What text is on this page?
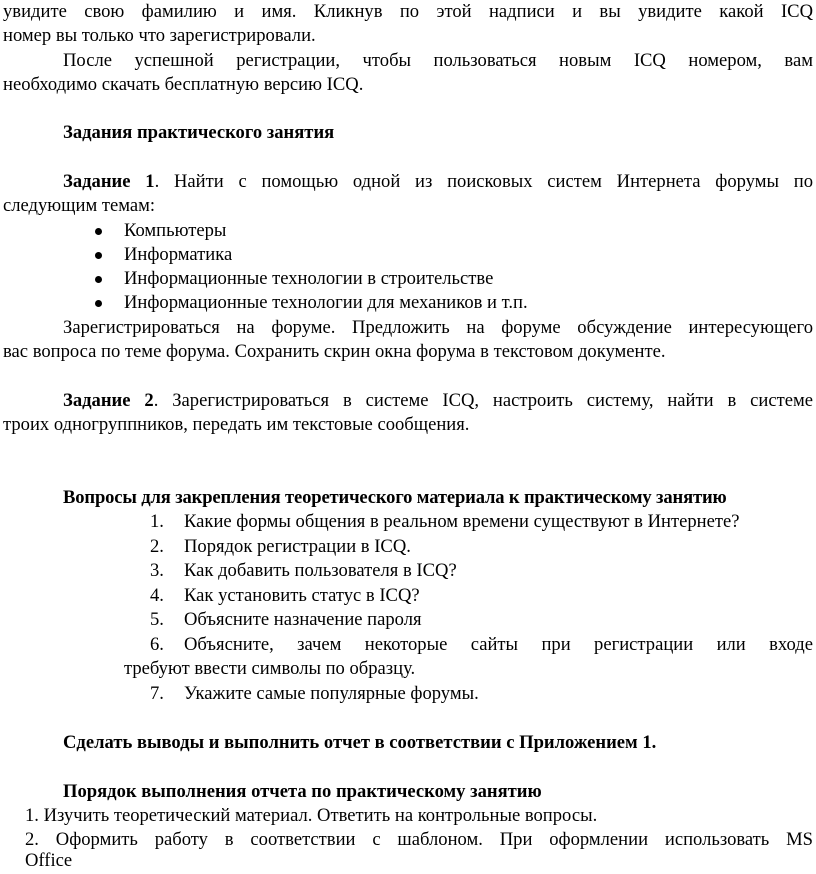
увидите свою фамилию и имя. Кликнув по этой надписи и вы увидите какой ICQ
номер вы только что зарегистрировали.
После успешной регистрации, чтобы пользоваться новым ICQ номером, вам
необходимо скачать бесплатную версию ICQ.
Задания практического занятия
Задание 1. Найти с помощью одной из поисковых систем Интернета форумы по
следующим темам:
Компьютеры
Информатика
Информационные технологии в строительстве
Информационные технологии для механиков и т.п.
Зарегистрироваться на форуме. Предложить на форуме обсуждение интересующего
вас вопроса по теме форума. Сохранить скрин окна форума в текстовом документе.
Задание 2. Зарегистрироваться в системе ICQ, настроить систему, найти в системе
троих одногруппников, передать им текстовые сообщения.
Вопросы для закрепления теоретического материала к практическому занятию
1. Какие формы общения в реальном времени существуют в Интернете?
2. Порядок регистрации в ICQ.
3. Как добавить пользователя в ICQ?
4. Как установить статус в ICQ?
5. Объясните назначение пароля
6. Объясните, зачем некоторые сайты при регистрации или входе
требуют ввести символы по образцу.
7. Укажите самые популярные форумы.
Сделать выводы и выполнить отчет в соответствии с Приложением 1.
Порядок выполнения отчета по практическому занятию
1. Изучить теоретический материал. Ответить на контрольные вопросы.
2. Оформить работу в соответствии с шаблоном. При оформлении использовать MS
Office
